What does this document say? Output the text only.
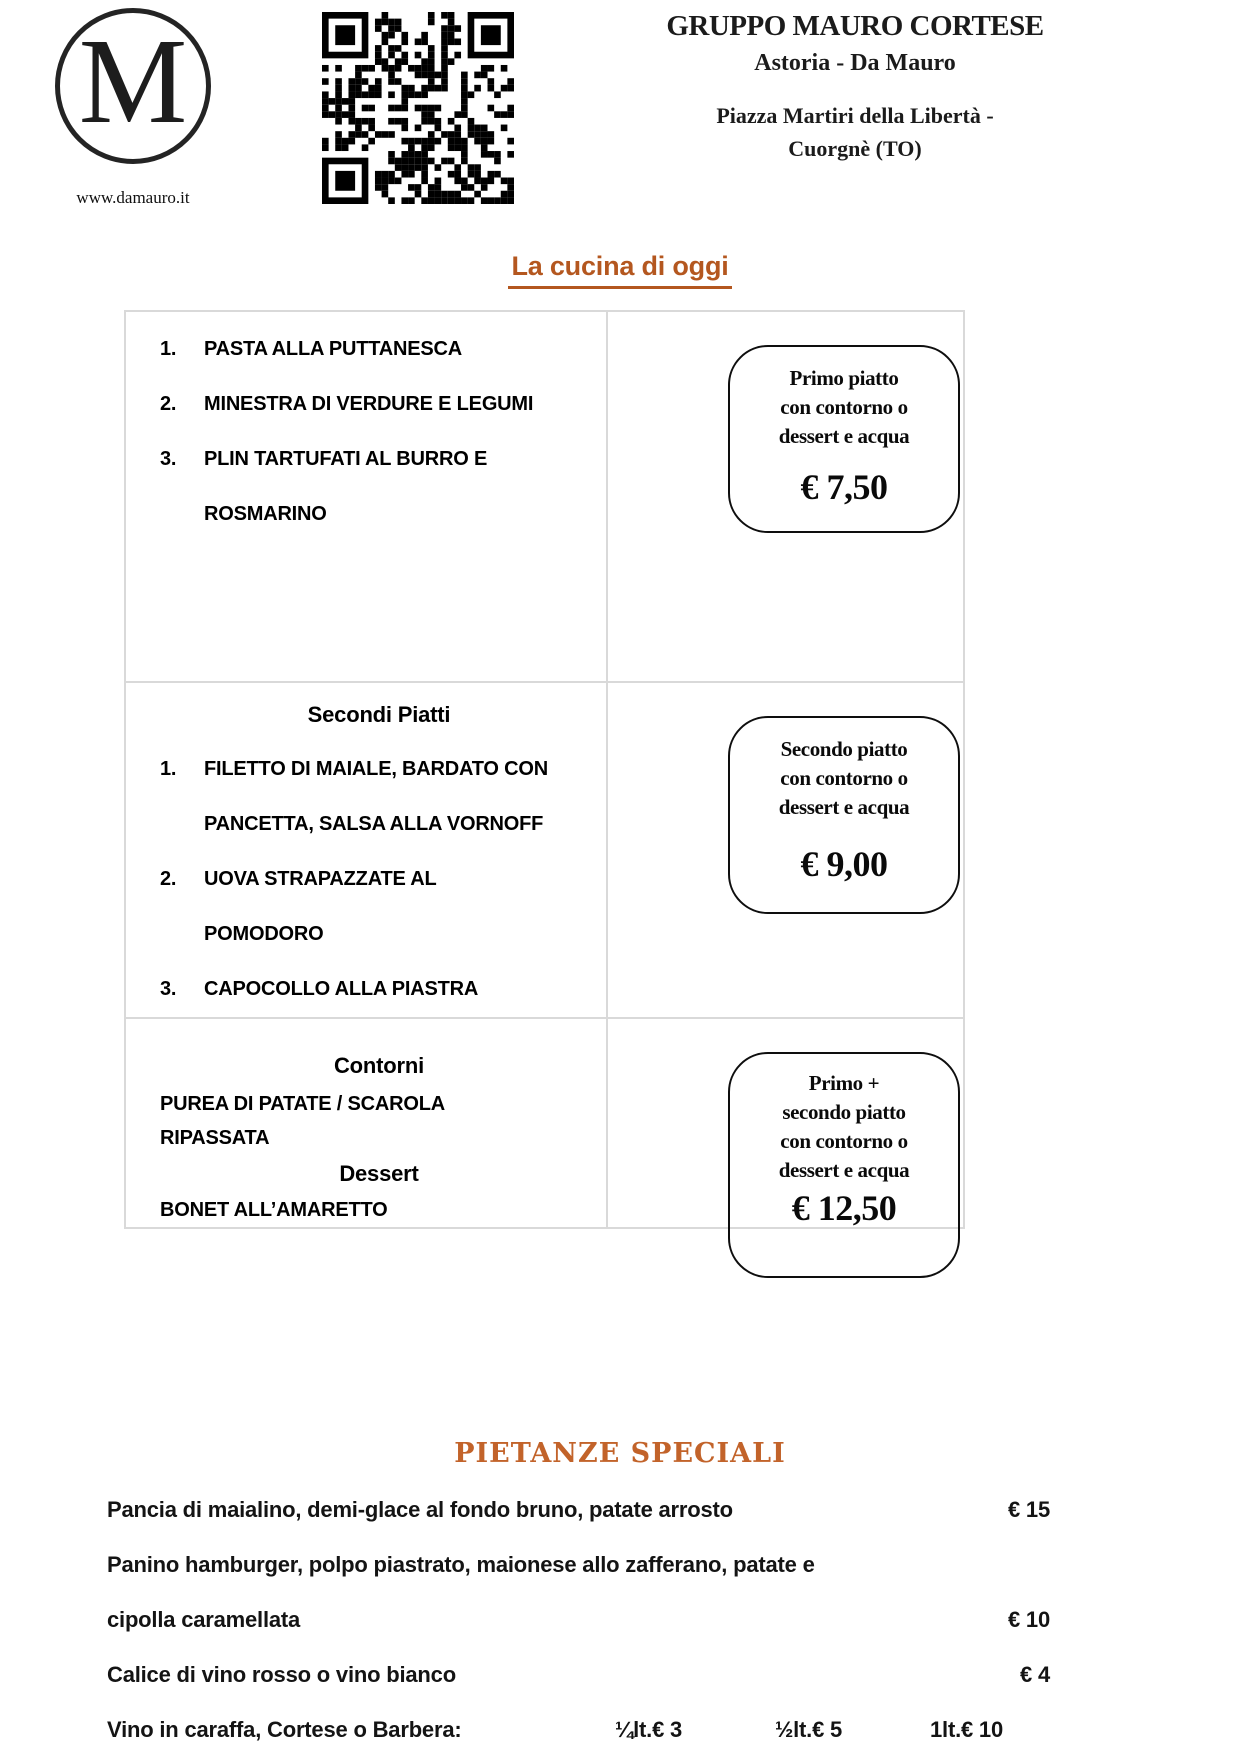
M
www.damauro.it
GRUPPO MAURO CORTESE
Astoria - Da Mauro
Piazza Martiri della Libertà -
Cuorgnè (TO)
La cucina di oggi
1.	PASTA ALLA PUTTANESCA
2.	MINESTRA DI VERDURE E LEGUMI
3.	PLIN TARTUFATI AL BURRO E
ROSMARINO
Primo piatto
con contorno o
dessert e acqua
€ 7,50
Secondi Piatti
1.	FILETTO DI MAIALE, BARDATO CON
PANCETTA, SALSA ALLA VORNOFF
2.	UOVA STRAPAZZATE AL
POMODORO
3.	CAPOCOLLO ALLA PIASTRA
Secondo piatto
con contorno o
dessert e acqua
€ 9,00
Contorni
PUREA DI PATATE / SCAROLA
RIPASSATA
Dessert
BONET ALL’AMARETTO
Primo +
secondo piatto
con contorno o
dessert e acqua
€ 12,50
PIETANZE SPECIALI
Pancia di maialino, demi-glace al fondo bruno, patate arrosto	€ 15
Panino hamburger, polpo piastrato, maionese allo zafferano, patate e
cipolla caramellata	€ 10
Calice di vino rosso o vino bianco	€ 4
Vino in caraffa, Cortese o Barbera:	¼lt.€ 3	½lt.€ 5	1lt.€ 10
